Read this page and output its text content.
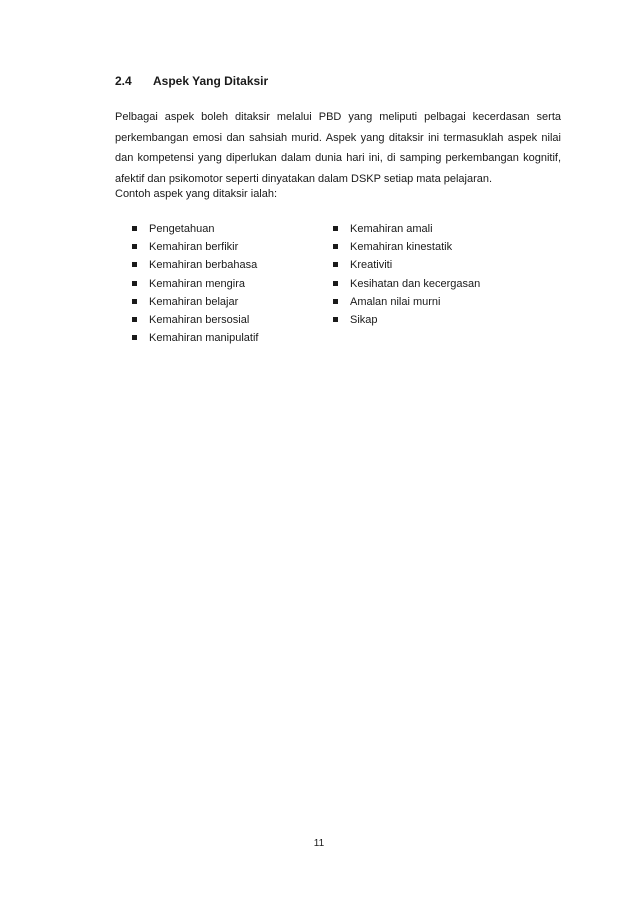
2.4	Aspek Yang Ditaksir

Pelbagai aspek boleh ditaksir melalui PBD yang meliputi pelbagai kecerdasan serta perkembangan emosi dan sahsiah murid. Aspek yang ditaksir ini termasuklah aspek nilai dan kompetensi yang diperlukan dalam dunia hari ini, di samping perkembangan kognitif, afektif dan psikomotor seperti dinyatakan dalam DSKP setiap mata pelajaran.

Contoh aspek yang ditaksir ialah:

Pengetahuan
Kemahiran berfikir
Kemahiran berbahasa
Kemahiran mengira
Kemahiran belajar
Kemahiran bersosial
Kemahiran manipulatif
Kemahiran amali
Kemahiran kinestatik
Kreativiti
Kesihatan dan kecergasan
Amalan nilai murni
Sikap
11
